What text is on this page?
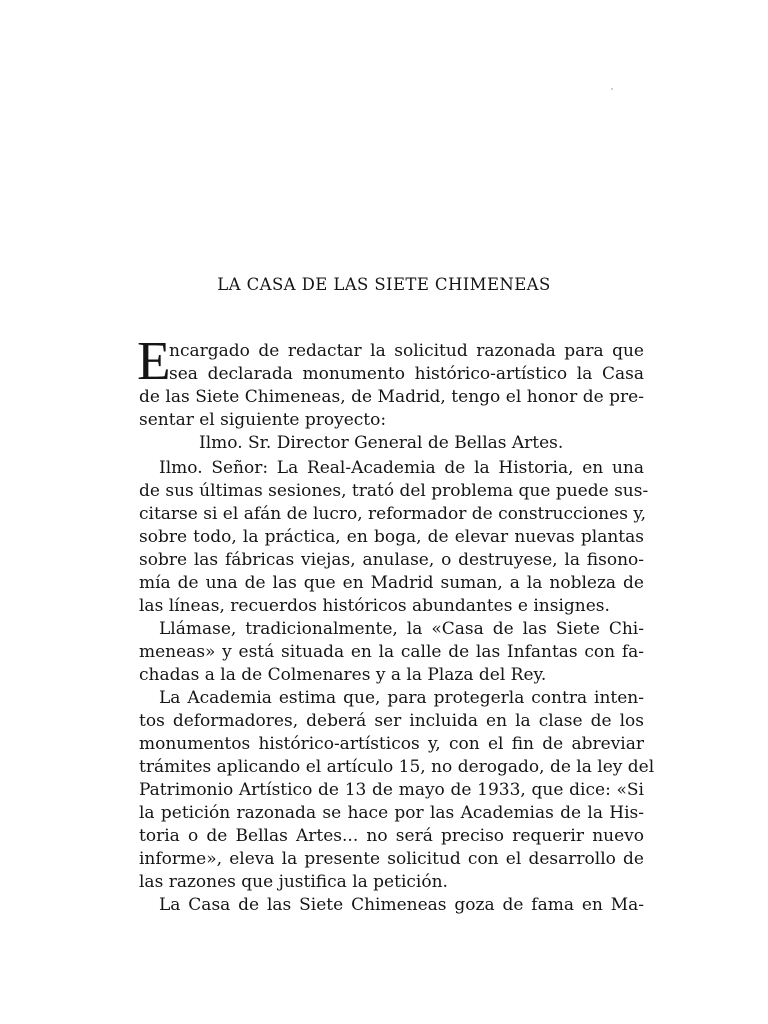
LA CASA DE LAS SIETE CHIMENEAS
E
ncargado de redactar la solicitud razonada para que
sea declarada monumento histórico-artístico la Casa
de las Siete Chimeneas, de Madrid, tengo el honor de pre-
sentar el siguiente proyecto:
Ilmo. Sr. Director General de Bellas Artes.
Ilmo. Señor: La Real-Academia de la Historia, en una
de sus últimas sesiones, trató del problema que puede sus-
citarse si el afán de lucro, reformador de construcciones y,
sobre todo, la práctica, en boga, de elevar nuevas plantas
sobre las fábricas viejas, anulase, o destruyese, la fisono-
mía de una de las que en Madrid suman, a la nobleza de
las líneas, recuerdos históricos abundantes e insignes.
Llámase, tradicionalmente, la «Casa de las Siete Chi-
meneas» y está situada en la calle de las Infantas con fa-
chadas a la de Colmenares y a la Plaza del Rey.
La Academia estima que, para protegerla contra inten-
tos deformadores, deberá ser incluida en la clase de los
monumentos histórico-artísticos y, con el fin de abreviar
trámites aplicando el artículo 15, no derogado, de la ley del
Patrimonio Artístico de 13 de mayo de 1933, que dice: «Si
la petición razonada se hace por las Academias de la His-
toria o de Bellas Artes... no será preciso requerir nuevo
informe», eleva la presente solicitud con el desarrollo de
las razones que justifica la petición.
La Casa de las Siete Chimeneas goza de fama en Ma-
